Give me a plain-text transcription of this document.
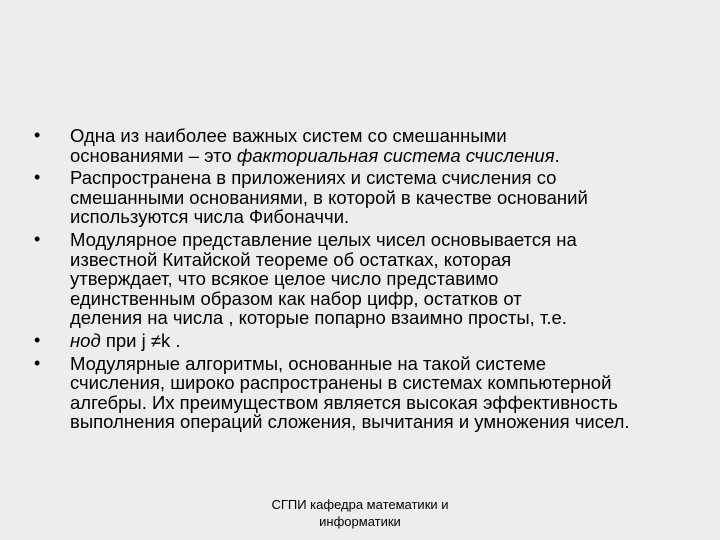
• Одна из наиболее важных систем со смешанными
основаниями – это факториальная система счисления.
• Распространена в приложениях и система счисления со
смешанными основаниями, в которой в качестве оснований
используются числа Фибоначчи.
• Модулярное представление целых чисел основывается на
известной Китайской теореме об остатках, которая
утверждает, что всякое целое число представимо
единственным образом как набор цифр, остатков от
деления на числа , которые попарно взаимно просты, т.е.
• нод при j ≠k .
• Модулярные алгоритмы, основанные на такой системе
счисления, широко распространены в системах компьютерной
алгебры. Их преимуществом является высокая эффективность
выполнения операций сложения, вычитания и умножения чисел.
СГПИ кафедра математики и
информатики
